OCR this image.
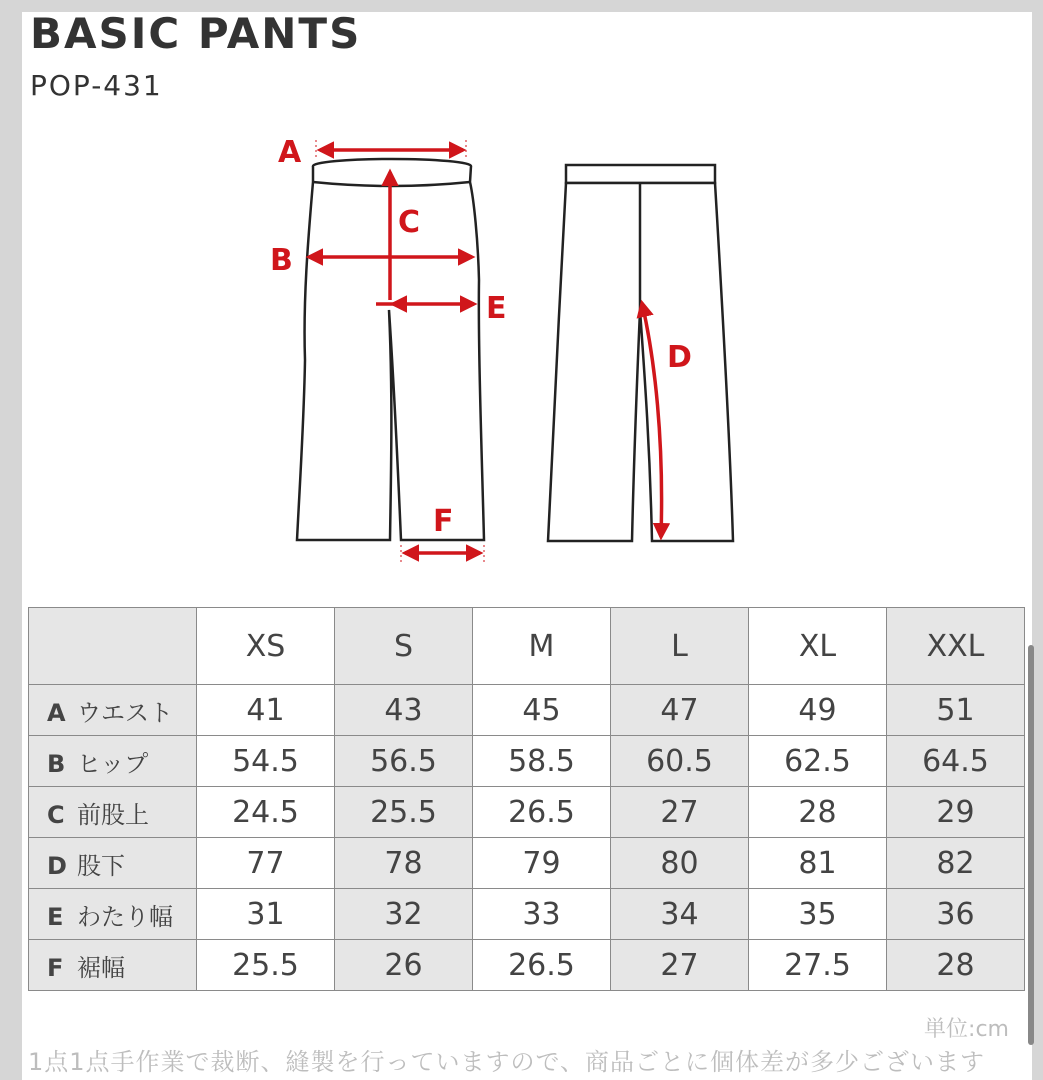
BASIC PANTS
POP-431
A
C
B
E
D
F
	XS	S	M	L	XL	XXL
A ウエスト	41	43	45	47	49	51
B ヒップ	54.5	56.5	58.5	60.5	62.5	64.5
C 前股上	24.5	25.5	26.5	27	28	29
D 股下	77	78	79	80	81	82
E わたり幅	31	32	33	34	35	36
F 裾幅	25.5	26	26.5	27	27.5	28
単位:cm
1点1点手作業で裁断、縫製を行っていますので、商品ごとに個体差が多少ございます
